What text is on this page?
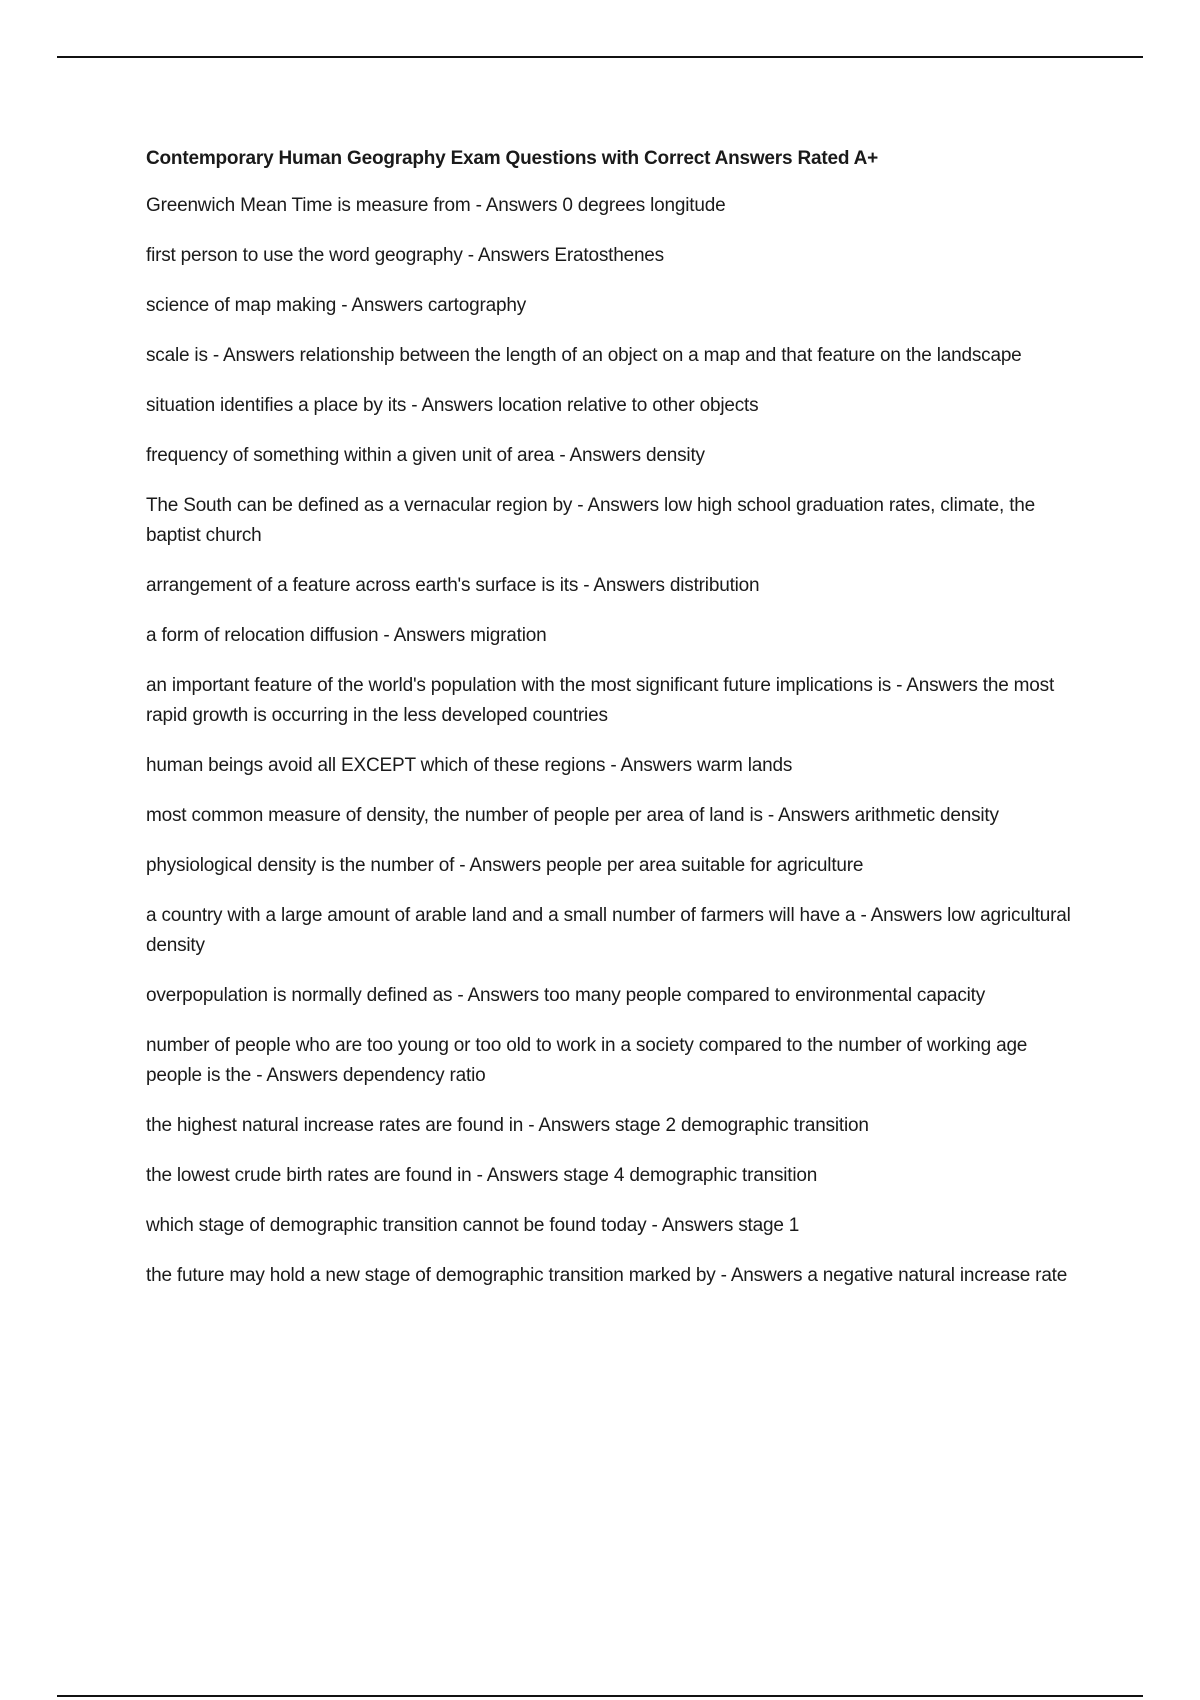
Contemporary Human Geography Exam Questions with Correct Answers Rated A+
Greenwich Mean Time is measure from - Answers 0 degrees longitude
first person to use the word geography - Answers Eratosthenes
science of map making - Answers cartography
scale is - Answers relationship between the length of an object on a map and that feature on the landscape
situation identifies a place by its - Answers location relative to other objects
frequency of something within a given unit of area - Answers density
The South can be defined as a vernacular region by - Answers low high school graduation rates, climate, the baptist church
arrangement of a feature across earth's surface is its - Answers distribution
a form of relocation diffusion - Answers migration
an important feature of the world's population with the most significant future implications is - Answers the most rapid growth is occurring in the less developed countries
human beings avoid all EXCEPT which of these regions - Answers warm lands
most common measure of density, the number of people per area of land is - Answers arithmetic density
physiological density is the number of - Answers people per area suitable for agriculture
a country with a large amount of arable land and a small number of farmers will have a - Answers low agricultural density
overpopulation is normally defined as - Answers too many people compared to environmental capacity
number of people who are too young or too old to work in a society compared to the number of working age people is the - Answers dependency ratio
the highest natural increase rates are found in - Answers stage 2 demographic transition
the lowest crude birth rates are found in - Answers stage 4 demographic transition
which stage of demographic transition cannot be found today - Answers stage 1
the future may hold a new stage of demographic transition marked by - Answers a negative natural increase rate
